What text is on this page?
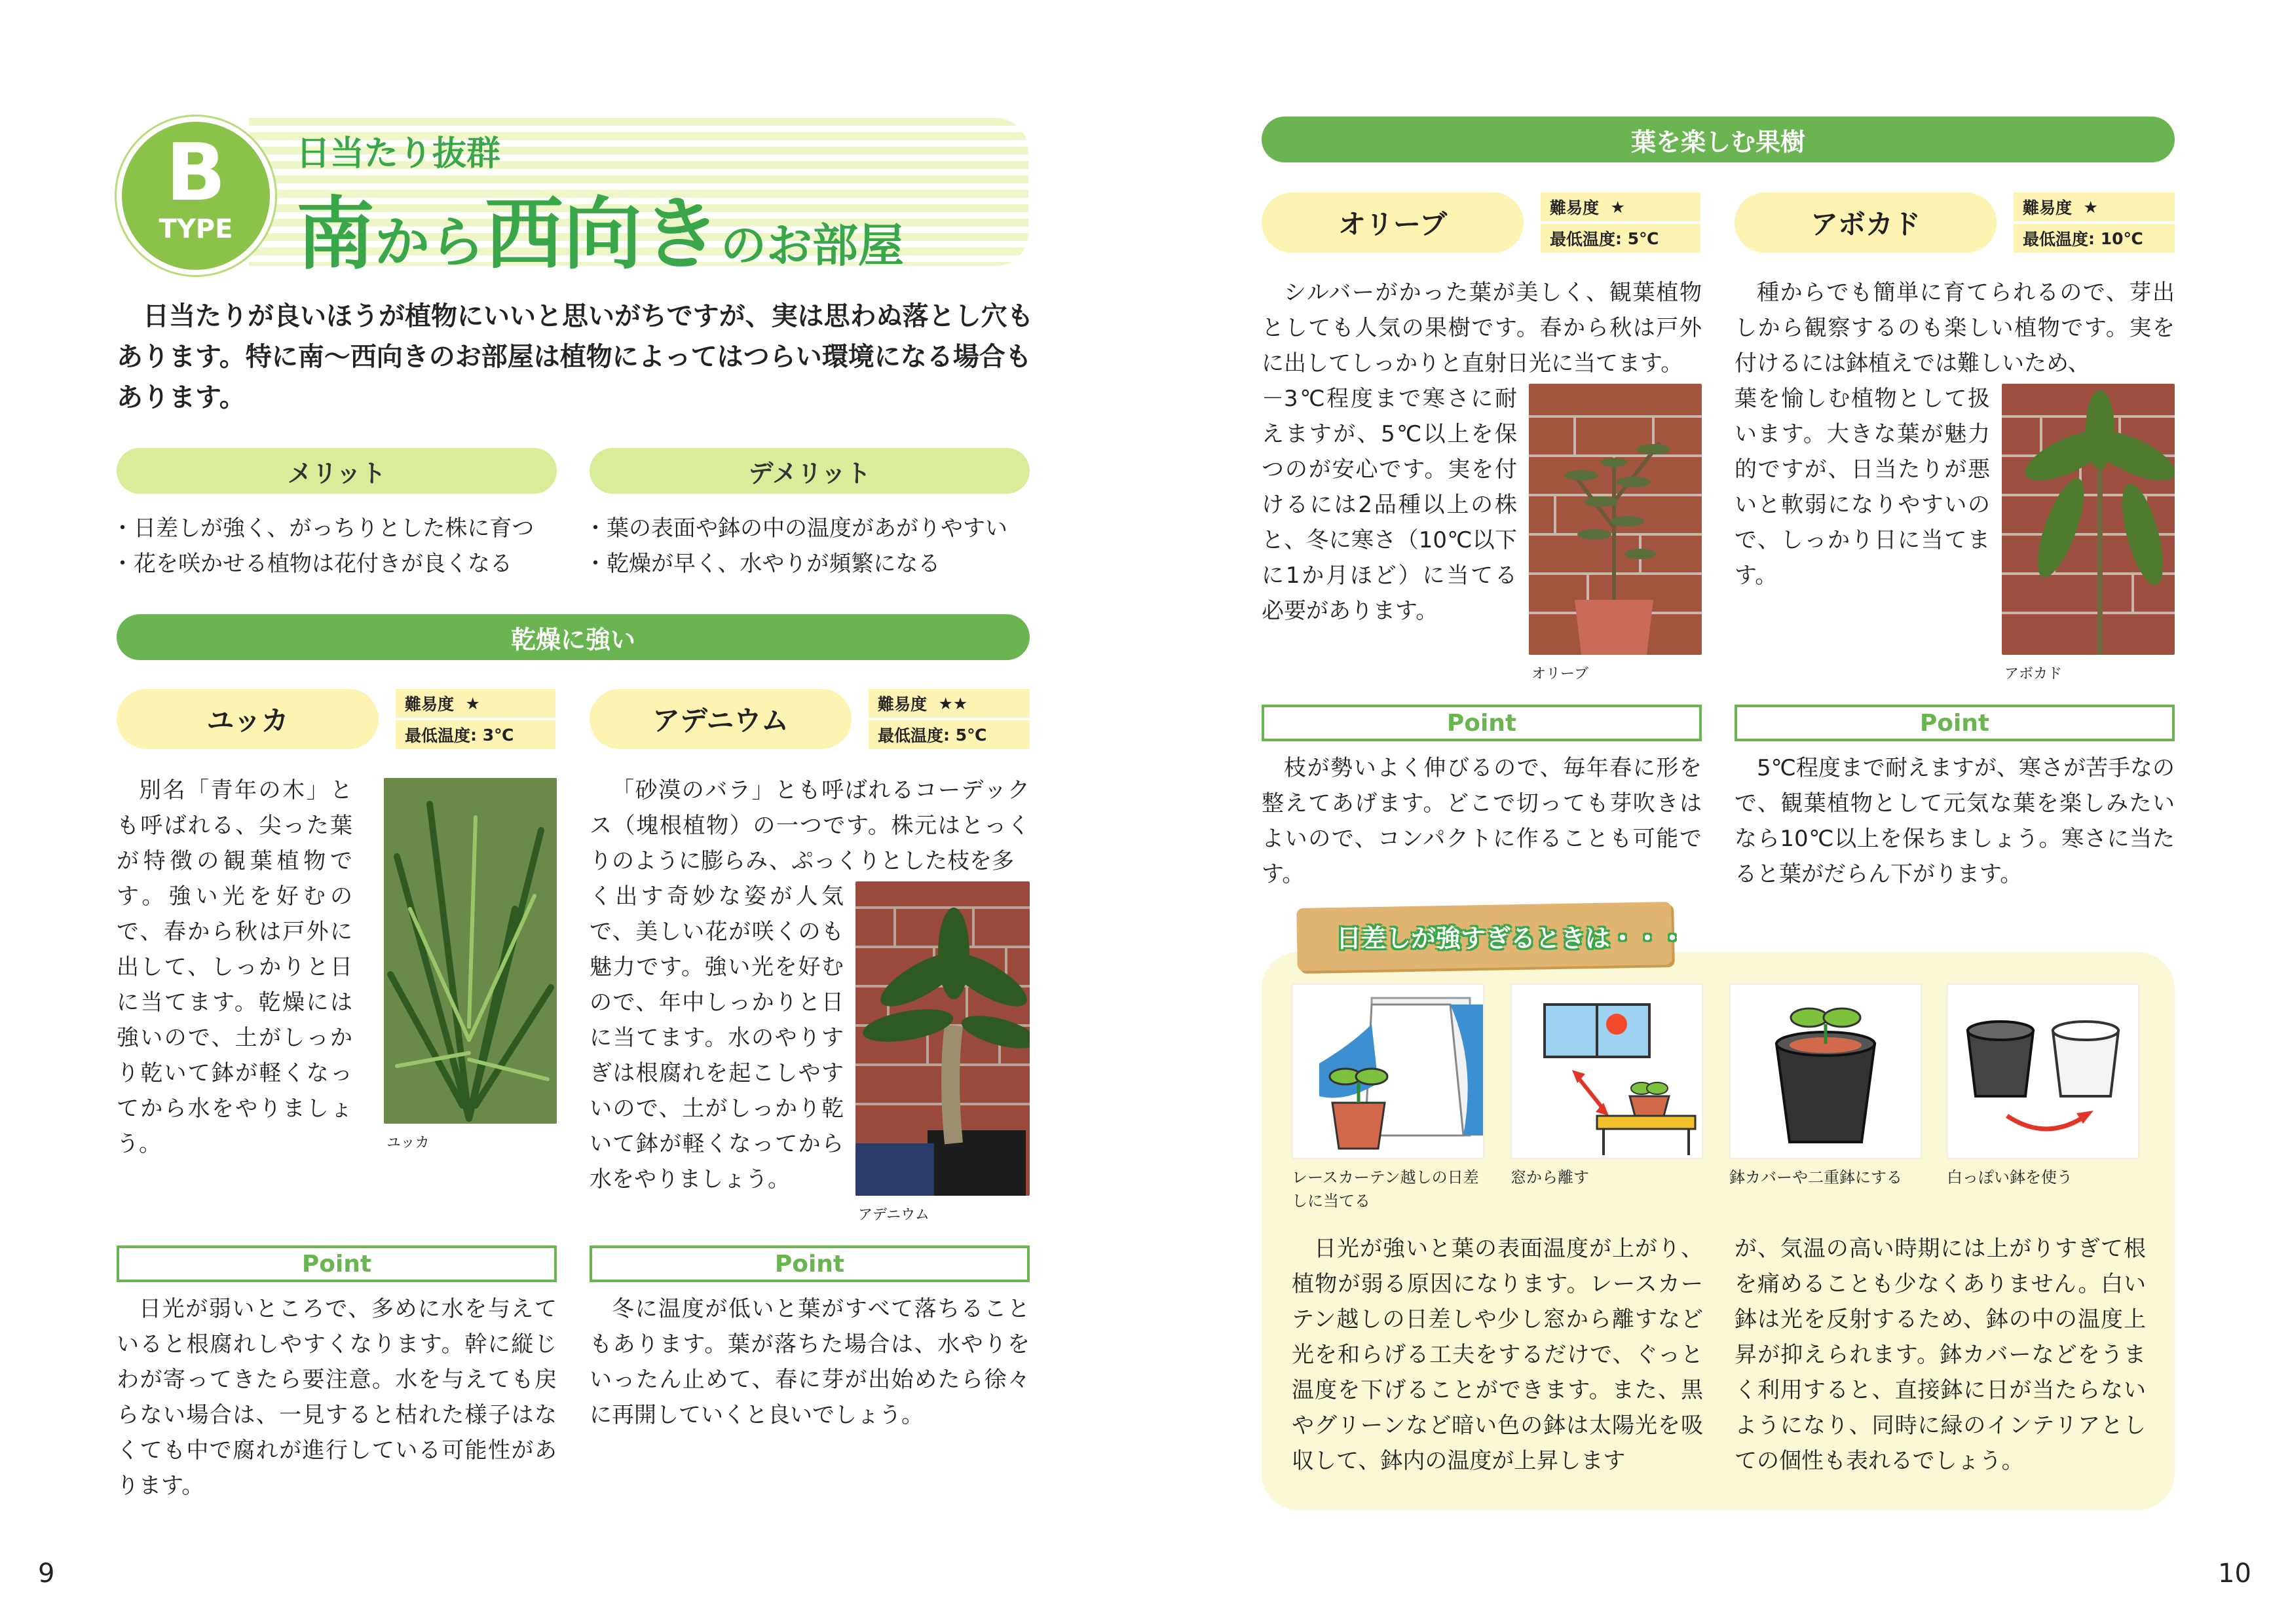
B
TYPE
日当たり抜群
南から西向きのお部屋
日当たりが良いほうが植物にいいと思いがちですが、実は思わぬ落とし穴もあります。特に南〜西向きのお部屋は植物によってはつらい環境になる場合もあります。
メリット	デメリット
・日差しが強く、がっちりとした株に育つ
・花を咲かせる植物は花付きが良くなる
・葉の表面や鉢の中の温度があがりやすい
・乾燥が早く、水やりが頻繁になる
乾燥に強い
ユッカ
難易度
★
最低温度 : 3℃
別名「青年の木」とも呼ばれる、尖った葉が特徴の観葉植物です。強い光を好むので、春から秋は戸外に出して、しっかりと日に当てます。乾燥には強いので、土がしっかり乾いて鉢が軽くなってから水をやりましょう。	ユッカ
Point
日光が弱いところで、多めに水を与えていると根腐れしやすくなります。幹に縦じわが寄ってきたら要注意。水を与えても戻らない場合は、一見すると枯れた様子はなくても中で腐れが進行している可能性があります。
アデニウム
難易度
★★
最低温度 : 5℃
「砂漠のバラ」とも呼ばれるコーデックス（塊根植物）の一つです。株元はとっくりのように膨らみ、ぷっくりとした枝を多
く出す奇妙な姿が人気で、美しい花が咲くのも魅力です。強い光を好むので、年中しっかりと日に当てます。水のやりすぎは根腐れを起こしやすいので、土がしっかり乾いて鉢が軽くなってから水をやりましょう。
アデニウム
Point
冬に温度が低いと葉がすべて落ちることもあります。葉が落ちた場合は、水やりをいったん止めて、春に芽が出始めたら徐々に再開していくと良いでしょう。
9
葉を楽しむ果樹
オリーブ
難易度
★
最低温度 : 5℃
シルバーがかった葉が美しく、観葉植物としても人気の果樹です。春から秋は戸外に出してしっかりと直射日光に当てます。
－3℃程度まで寒さに耐えますが、5℃以上を保つのが安心です。実を付けるには2品種以上の株と、冬に寒さ（10℃以下に1か月ほど）に当てる必要があります。
オリーブ
Point
枝が勢いよく伸びるので、毎年春に形を整えてあげます。どこで切っても芽吹きはよいので、コンパクトに作ることも可能です。
アボカド
難易度
★
最低温度 : 10℃
種からでも簡単に育てられるので、芽出しから観察するのも楽しい植物です。実を付けるには鉢植えでは難しいため、
葉を愉しむ植物として扱います。大きな葉が魅力的ですが、日当たりが悪いと軟弱になりやすいので、しっかり日に当てます。
アボカド
Point
5℃程度まで耐えますが、寒さが苦手なので、観葉植物として元気な葉を楽しみたいなら10℃以上を保ちましょう。寒さに当たると葉がだらん下がります。
日差しが強すぎるときは・・・
レースカーテン越しの日差しに当てる
窓から離す	鉢カバーや二重鉢にする	白っぽい鉢を使う
日光が強いと葉の表面温度が上がり、植物が弱る原因になります。レースカーテン越しの日差しや少し窓から離すなど光を和らげる工夫をするだけで、ぐっと温度を下げることができます。また、黒やグリーンなど暗い色の鉢は太陽光を吸収して、鉢内の温度が上昇します
が、気温の高い時期には上がりすぎて根を痛めることも少なくありません。白い鉢は光を反射するため、鉢の中の温度上昇が抑えられます。鉢カバーなどをうまく利用すると、直接鉢に日が当たらないようになり、同時に緑のインテリアとしての個性も表れるでしょう。
10
